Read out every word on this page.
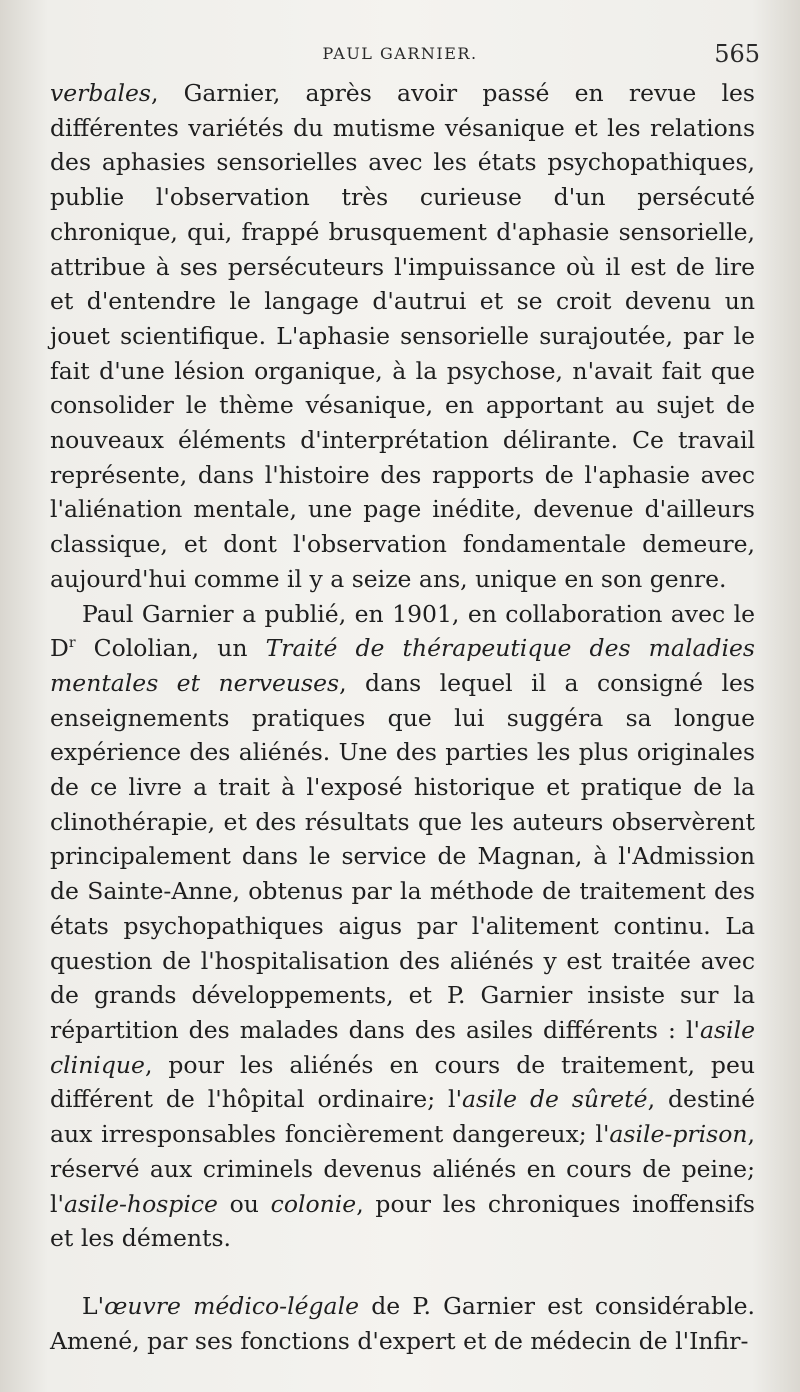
PAUL GARNIER.	565

verbales, Garnier, après avoir passé en revue les différentes variétés du mutisme vésanique et les relations des aphasies sensorielles avec les états psychopathiques, publie l'observation très curieuse d'un persécuté chronique, qui, frappé brusquement d'aphasie sensorielle, attribue à ses persécuteurs l'impuissance où il est de lire et d'entendre le langage d'autrui et se croit devenu un jouet scientifique. L'aphasie sensorielle surajoutée, par le fait d'une lésion organique, à la psychose, n'avait fait que consolider le thème vésanique, en apportant au sujet de nouveaux éléments d'interprétation délirante. Ce travail représente, dans l'histoire des rapports de l'aphasie avec l'aliénation mentale, une page inédite, devenue d'ailleurs classique, et dont l'observation fondamentale demeure, aujourd'hui comme il y a seize ans, unique en son genre.

Paul Garnier a publié, en 1901, en collaboration avec le $D^r$ Cololian, un Traité de thérapeutique des maladies mentales et nerveuses, dans lequel il a consigné les enseignements pratiques que lui suggéra sa longue expérience des aliénés. Une des parties les plus originales de ce livre a trait à l'exposé historique et pratique de la clinothérapie, et des résultats que les auteurs observèrent principalement dans le service de Magnan, à l'Admission de Sainte-Anne, obtenus par la méthode de traitement des états psychopathiques aigus par l'alitement continu. La question de l'hospitalisation des aliénés y est traitée avec de grands développements, et P. Garnier insiste sur la répartition des malades dans des asiles différents : l'asile clinique, pour les aliénés en cours de traitement, peu différent de l'hôpital ordinaire; l'asile de sûreté, destiné aux irresponsables foncièrement dangereux; l'asile-prison, réservé aux criminels devenus aliénés en cours de peine; l'asile-hospice ou colonie, pour les chroniques inoffensifs et les déments.

L'œuvre médico-légale de P. Garnier est considérable. Amené, par ses fonctions d'expert et de médecin de l'Infir-
